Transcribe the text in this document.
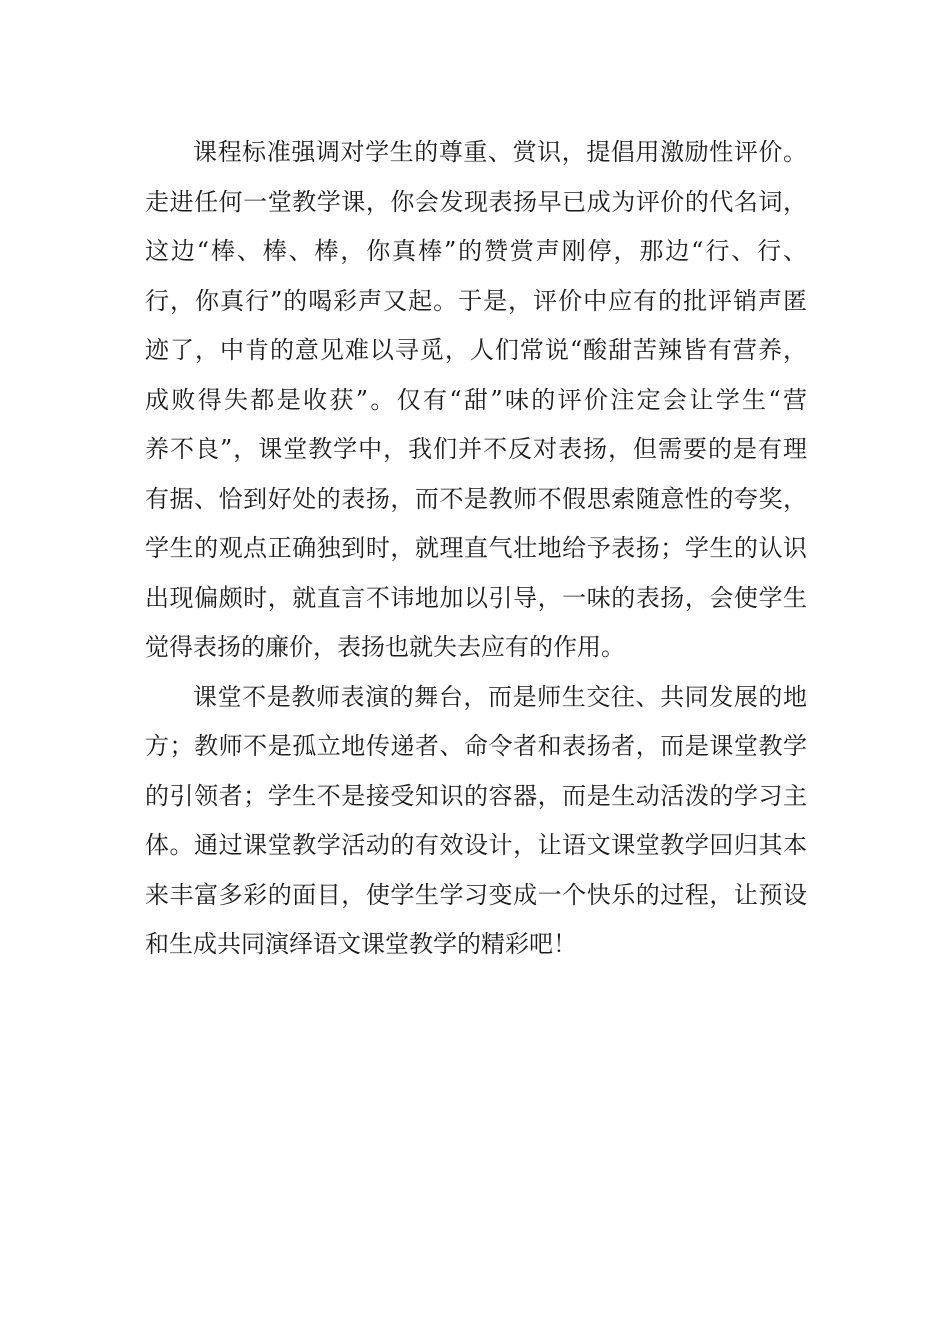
课程标准强调对学生的尊重、赏识，提倡用激励性评价。
走进任何一堂教学课，你会发现表扬早已成为评价的代名词，
这边“棒、棒、棒，你真棒”的赞赏声刚停，那边“行、行、
行，你真行”的喝彩声又起。于是，评价中应有的批评销声匿
迹了，中肯的意见难以寻觅，人们常说“酸甜苦辣皆有营养，
成败得失都是收获”。仅有“甜”味的评价注定会让学生“营
养不良”，课堂教学中，我们并不反对表扬，但需要的是有理
有据、恰到好处的表扬，而不是教师不假思索随意性的夸奖，
学生的观点正确独到时，就理直气壮地给予表扬；学生的认识
出现偏颇时，就直言不讳地加以引导，一味的表扬，会使学生
觉得表扬的廉价，表扬也就失去应有的作用。
课堂不是教师表演的舞台，而是师生交往、共同发展的地
方；教师不是孤立地传递者、命令者和表扬者，而是课堂教学
的引领者；学生不是接受知识的容器，而是生动活泼的学习主
体。通过课堂教学活动的有效设计，让语文课堂教学回归其本
来丰富多彩的面目，使学生学习变成一个快乐的过程，让预设
和生成共同演绎语文课堂教学的精彩吧！
